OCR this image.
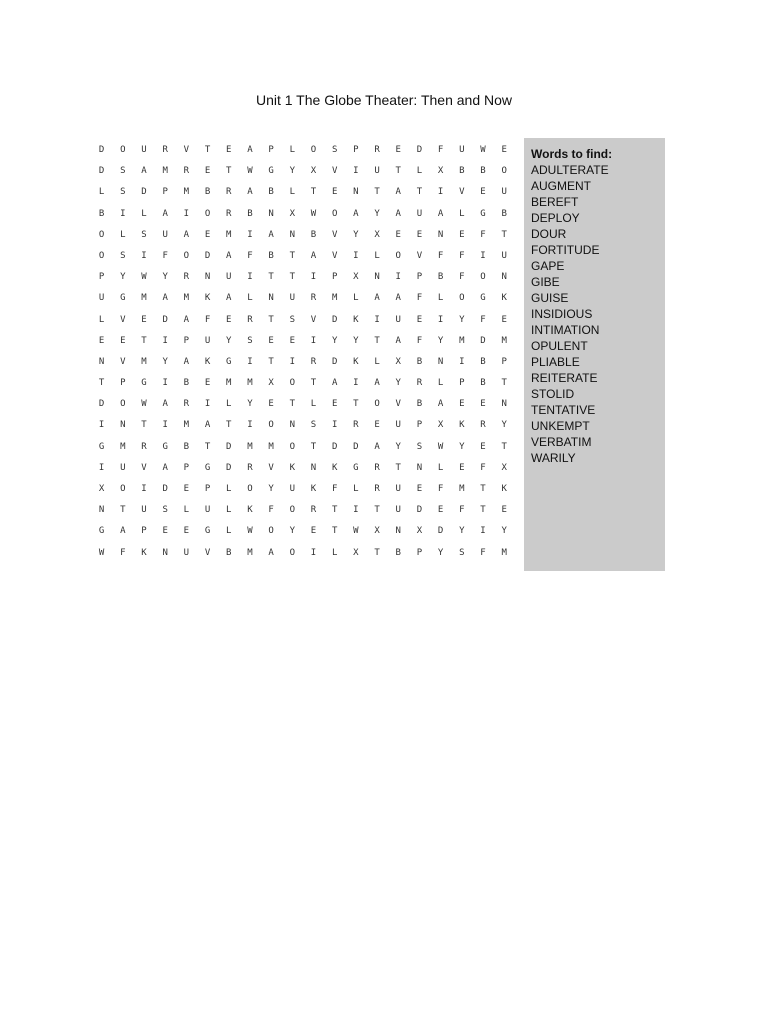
Unit 1 The Globe Theater: Then and Now
D	O	U	R	V	T	E	A	P	L	O	S	P	R	E	D	F	U	W	E
D	S	A	M	R	E	T	W	G	Y	X	V	I	U	T	L	X	B	B	O
L	S	D	P	M	B	R	A	B	L	T	E	N	T	A	T	I	V	E	U
B	I	L	A	I	O	R	B	N	X	W	O	A	Y	A	U	A	L	G	B
O	L	S	U	A	E	M	I	A	N	B	V	Y	X	E	E	N	E	F	T
O	S	I	F	O	D	A	F	B	T	A	V	I	L	O	V	F	F	I	U
P	Y	W	Y	R	N	U	I	T	T	I	P	X	N	I	P	B	F	O	N
U	G	M	A	M	K	A	L	N	U	R	M	L	A	A	F	L	O	G	K
L	V	E	D	A	F	E	R	T	S	V	D	K	I	U	E	I	Y	F	E
E	E	T	I	P	U	Y	S	E	E	I	Y	Y	T	A	F	Y	M	D	M
N	V	M	Y	A	K	G	I	T	I	R	D	K	L	X	B	N	I	B	P
T	P	G	I	B	E	M	M	X	O	T	A	I	A	Y	R	L	P	B	T
D	O	W	A	R	I	L	Y	E	T	L	E	T	O	V	B	A	E	E	N
I	N	T	I	M	A	T	I	O	N	S	I	R	E	U	P	X	K	R	Y
G	M	R	G	B	T	D	M	M	O	T	D	D	A	Y	S	W	Y	E	T
I	U	V	A	P	G	D	R	V	K	N	K	G	R	T	N	L	E	F	X
X	O	I	D	E	P	L	O	Y	U	K	F	L	R	U	E	F	M	T	K
N	T	U	S	L	U	L	K	F	O	R	T	I	T	U	D	E	F	T	E
G	A	P	E	E	G	L	W	O	Y	E	T	W	X	N	X	D	Y	I	Y
W	F	K	N	U	V	B	M	A	O	I	L	X	T	B	P	Y	S	F	M
Words to find:
ADULTERATE
AUGMENT
BEREFT
DEPLOY
DOUR
FORTITUDE
GAPE
GIBE
GUISE
INSIDIOUS
INTIMATION
OPULENT
PLIABLE
REITERATE
STOLID
TENTATIVE
UNKEMPT
VERBATIM
WARILY
